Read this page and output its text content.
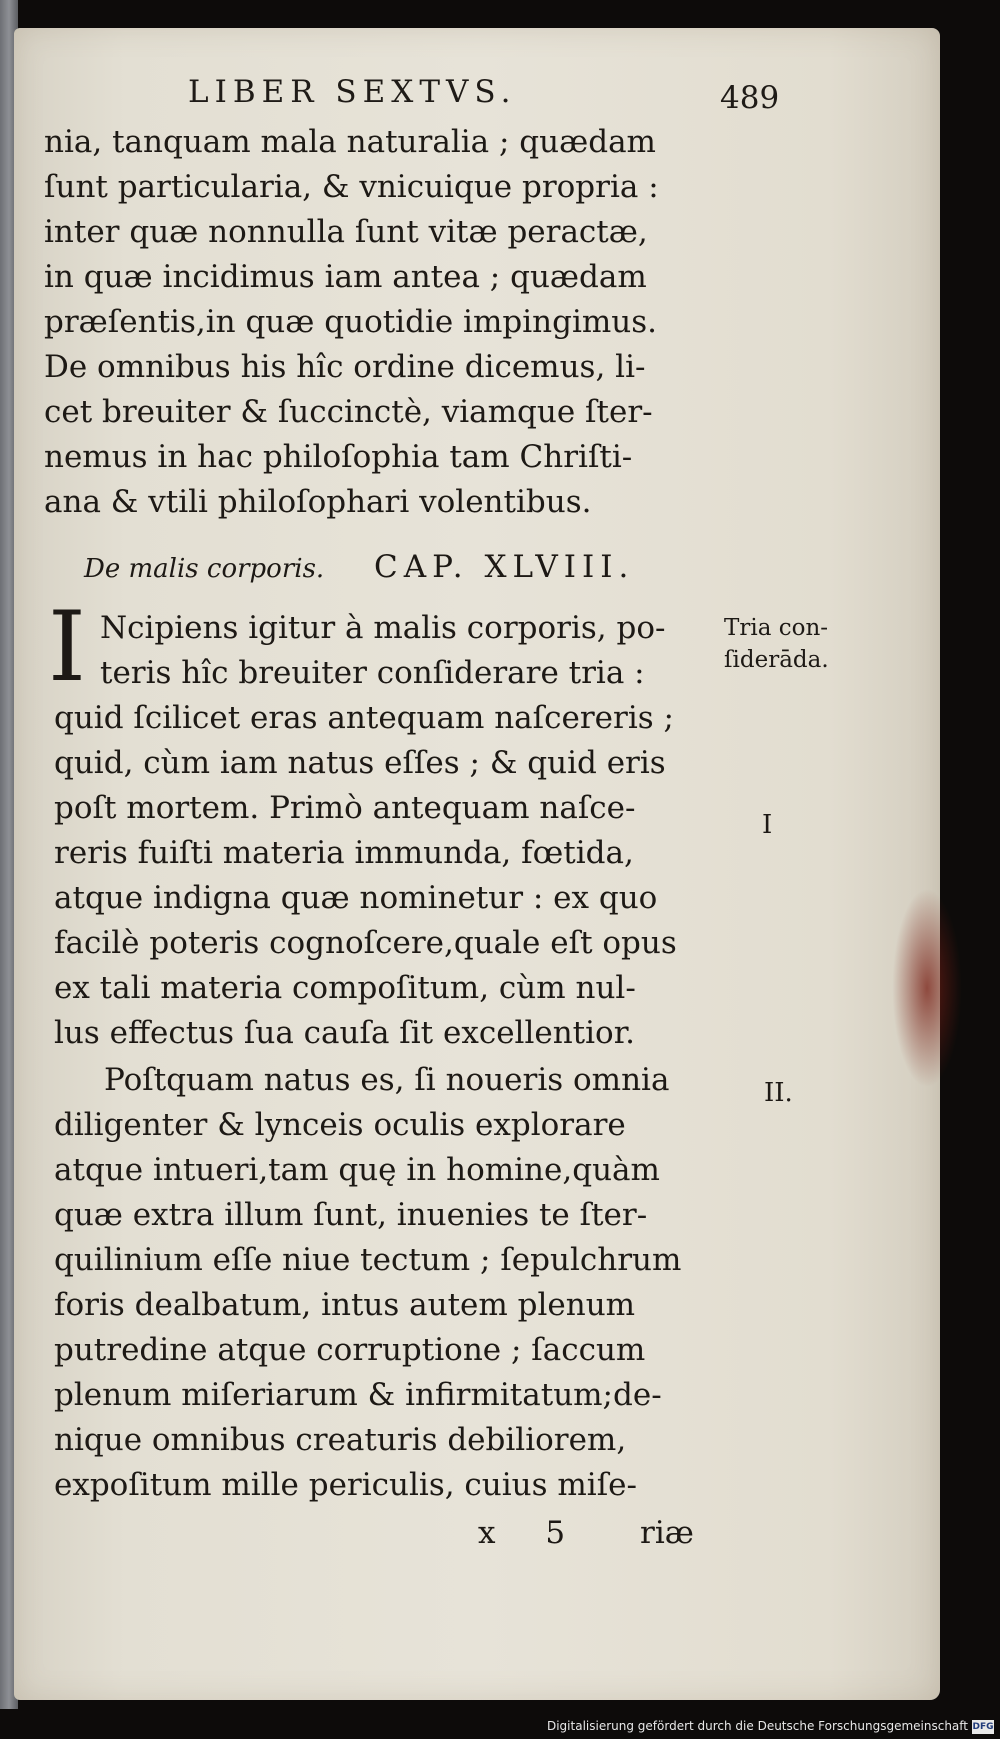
LIBER SEXTVS.	489
nia, tanquam mala naturalia ; quædam
ſunt particularia, & vnicuique propria :
inter quæ nonnulla ſunt vitæ peractæ,
in quæ incidimus iam antea ; quædam
præſentis,in quæ quotidie impingimus.
De omnibus his hîc ordine dicemus, li-
cet breuiter & ſuccinctè, viamque ſter-
nemus in hac philoſophia tam Chriſti-
ana & vtili philoſophari volentibus.
De malis corporis. CAP. XLVIII.
I Ncipiens igitur à malis corporis, po-
teris hîc breuiter conſiderare tria :
quid ſcilicet eras antequam naſcereris ;
quid, cùm iam natus eſſes ; & quid eris
poſt mortem. Primò antequam naſce-
reris fuiſti materia immunda, fœtida,
atque indigna quæ nominetur : ex quo
facilè poteris cognoſcere,quale eſt opus
ex tali materia compoſitum, cùm nul-
lus effectus ſua cauſa ſit excellentior.
Poſtquam natus es, ſi noueris omnia
diligenter & lynceis oculis explorare
atque intueri,tam quę in homine,quàm
quæ extra illum ſunt, inuenies te ſter-
quilinium eſſe niue tectum ; ſepulchrum
foris dealbatum, intus autem plenum
putredine atque corruptione ; ſaccum
plenum miſeriarum & infirmitatum;de-
nique omnibus creaturis debiliorem,
expoſitum mille periculis, cuius miſe-
Tria con-
ſiderāda.
I
II.
x 5 riæ
Digitalisierung gefördert durch die Deutsche Forschungsgemeinschaft DFG
